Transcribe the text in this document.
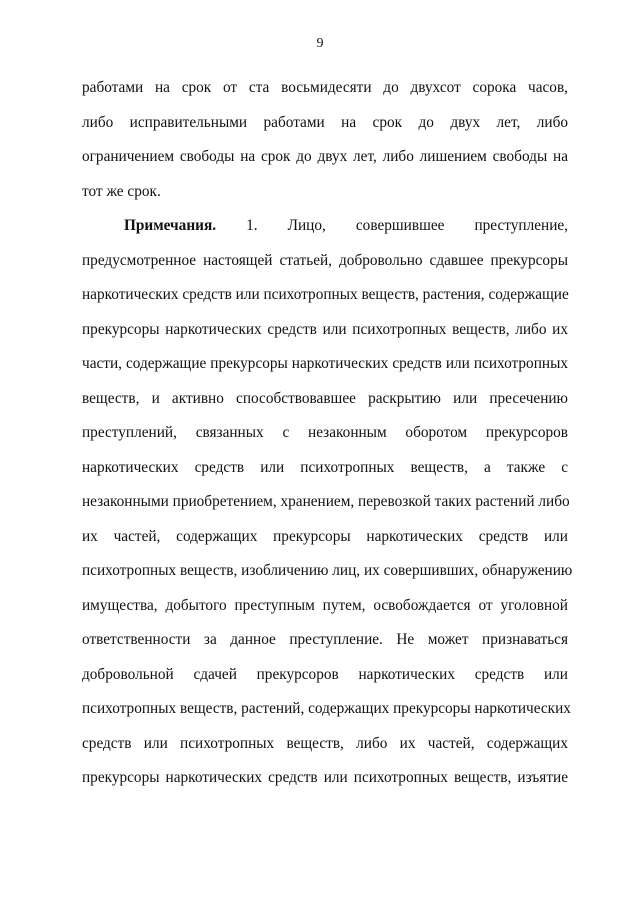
9
работами на срок от ста восьмидесяти до двухсот сорока часов,
либо исправительными работами на срок до двух лет, либо
ограничением свободы на срок до двух лет, либо лишением свободы на
тот же срок.
Примечания. 1. Лицо, совершившее преступление,
предусмотренное настоящей статьей, добровольно сдавшее прекурсоры
наркотических средств или психотропных веществ, растения, содержащие
прекурсоры наркотических средств или психотропных веществ, либо их
части, содержащие прекурсоры наркотических средств или психотропных
веществ, и активно способствовавшее раскрытию или пресечению
преступлений, связанных с незаконным оборотом прекурсоров
наркотических средств или психотропных веществ, а также с
незаконными приобретением, хранением, перевозкой таких растений либо
их частей, содержащих прекурсоры наркотических средств или
психотропных веществ, изобличению лиц, их совершивших, обнаружению
имущества, добытого преступным путем, освобождается от уголовной
ответственности за данное преступление. Не может признаваться
добровольной сдачей прекурсоров наркотических средств или
психотропных веществ, растений, содержащих прекурсоры наркотических
средств или психотропных веществ, либо их частей, содержащих
прекурсоры наркотических средств или психотропных веществ, изъятие
